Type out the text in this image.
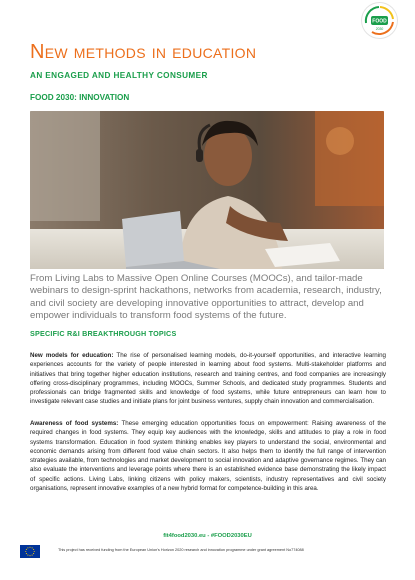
FOOD
2030
New methods in education
AN ENGAGED AND HEALTHY CONSUMER
FOOD 2030: INNOVATION
From Living Labs to Massive Open Online Courses (MOOCs), and tailor-made webinars to design-sprint hackathons, networks from academia, research, industry, and civil society are developing innovative opportunities to attract, develop and empower individuals to transform food systems of the future.
SPECIFIC R&I BREAKTHROUGH TOPICS
New models for education: The rise of personalised learning models, do-it-yourself opportunities, and interactive learning experiences accounts for the variety of people interested in learning about food systems. Multi-stakeholder platforms and initiatives that bring together higher education institutions, research and training centres, and food companies are increasingly offering cross-disciplinary programmes, including MOOCs, Summer Schools, and dedicated study programmes. Students and professionals can bridge fragmented skills and knowledge of food systems, while future entrepreneurs can learn how to investigate relevant case studies and initiate plans for joint business ventures, supply chain innovation and commercialisation.
Awareness of food systems: These emerging education opportunities focus on empowerment: Raising awareness of the required changes in food systems. They equip key audiences with the knowledge, skills and attitudes to play a role in food systems transformation. Education in food system thinking enables key players to understand the social, environmental and economic demands arising from different food value chain sectors. It also helps them to identify the full range of intervention strategies available, from technologies and market development to social innovation and adaptive governance regimes. They can also evaluate the interventions and leverage points where there is an established evidence base demonstrating the likely impact of specific actions. Living Labs, linking citizens with policy makers, scientists, industry representatives and civil society organisations, represent innovative examples of a new hybrid format for competence-building in this area.
fit4food2030.eu - #FOOD2030EU
This project has received funding from the European Union's Horizon 2020 research and innovation programme under grant agreement No774088
